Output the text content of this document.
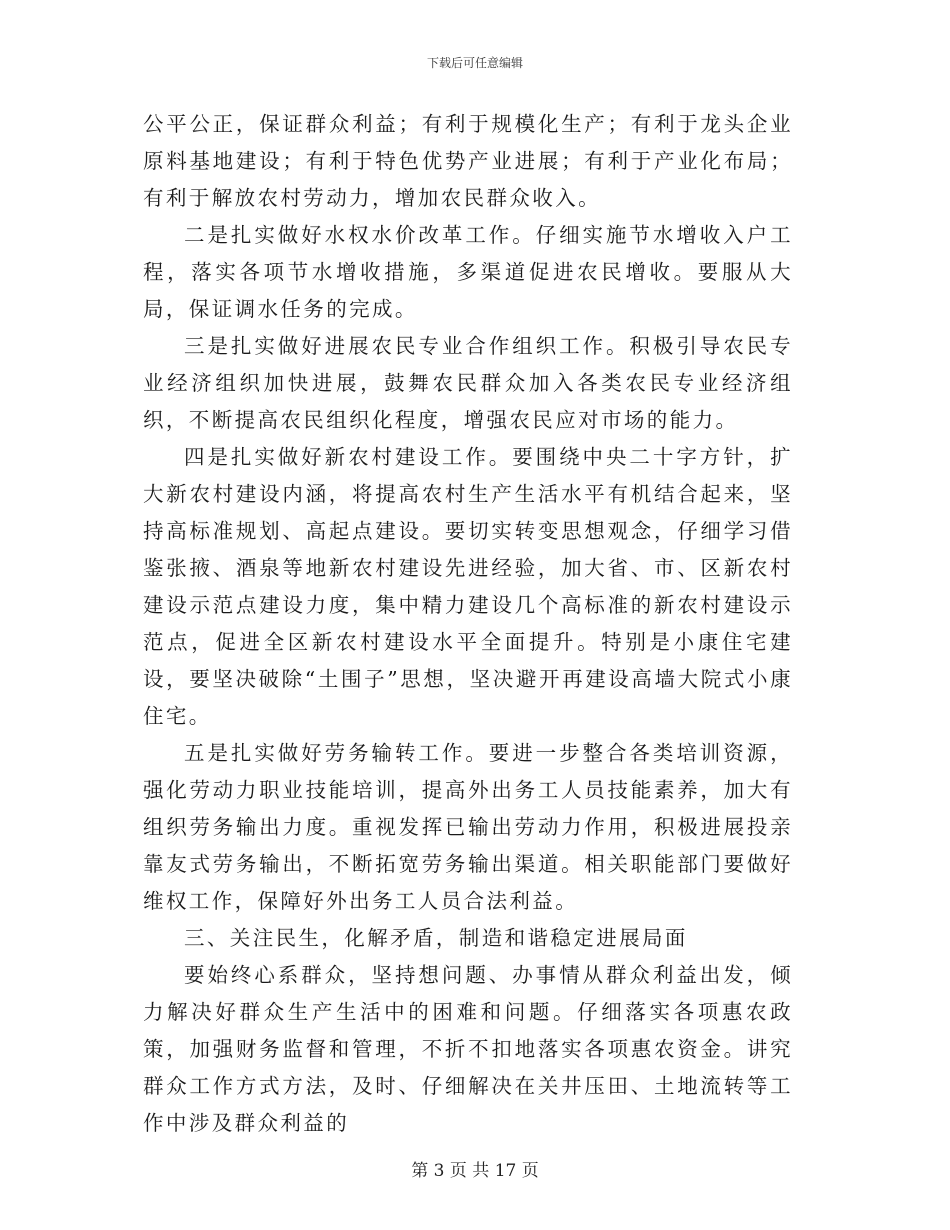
下载后可任意编辑

公平公正，保证群众利益；有利于规模化生产；有利于龙头企业原料基地建设；有利于特色优势产业进展；有利于产业化布局；有利于解放农村劳动力，增加农民群众收入。

二是扎实做好水权水价改革工作。仔细实施节水增收入户工程，落实各项节水增收措施，多渠道促进农民增收。要服从大局，保证调水任务的完成。

三是扎实做好进展农民专业合作组织工作。积极引导农民专业经济组织加快进展，鼓舞农民群众加入各类农民专业经济组织，不断提高农民组织化程度，增强农民应对市场的能力。

四是扎实做好新农村建设工作。要围绕中央二十字方针，扩大新农村建设内涵，将提高农村生产生活水平有机结合起来，坚持高标准规划、高起点建设。要切实转变思想观念，仔细学习借鉴张掖、酒泉等地新农村建设先进经验，加大省、市、区新农村建设示范点建设力度，集中精力建设几个高标准的新农村建设示范点，促进全区新农村建设水平全面提升。特别是小康住宅建设，要坚决破除“土围子”思想，坚决避开再建设高墙大院式小康住宅。

五是扎实做好劳务输转工作。要进一步整合各类培训资源，强化劳动力职业技能培训，提高外出务工人员技能素养，加大有组织劳务输出力度。重视发挥已输出劳动力作用，积极进展投亲靠友式劳务输出，不断拓宽劳务输出渠道。相关职能部门要做好维权工作，保障好外出务工人员合法利益。

三、关注民生，化解矛盾，制造和谐稳定进展局面

要始终心系群众，坚持想问题、办事情从群众利益出发，倾力解决好群众生产生活中的困难和问题。仔细落实各项惠农政策，加强财务监督和管理，不折不扣地落实各项惠农资金。讲究群众工作方式方法，及时、仔细解决在关井压田、土地流转等工作中涉及群众利益的

第 3 页 共 17 页
